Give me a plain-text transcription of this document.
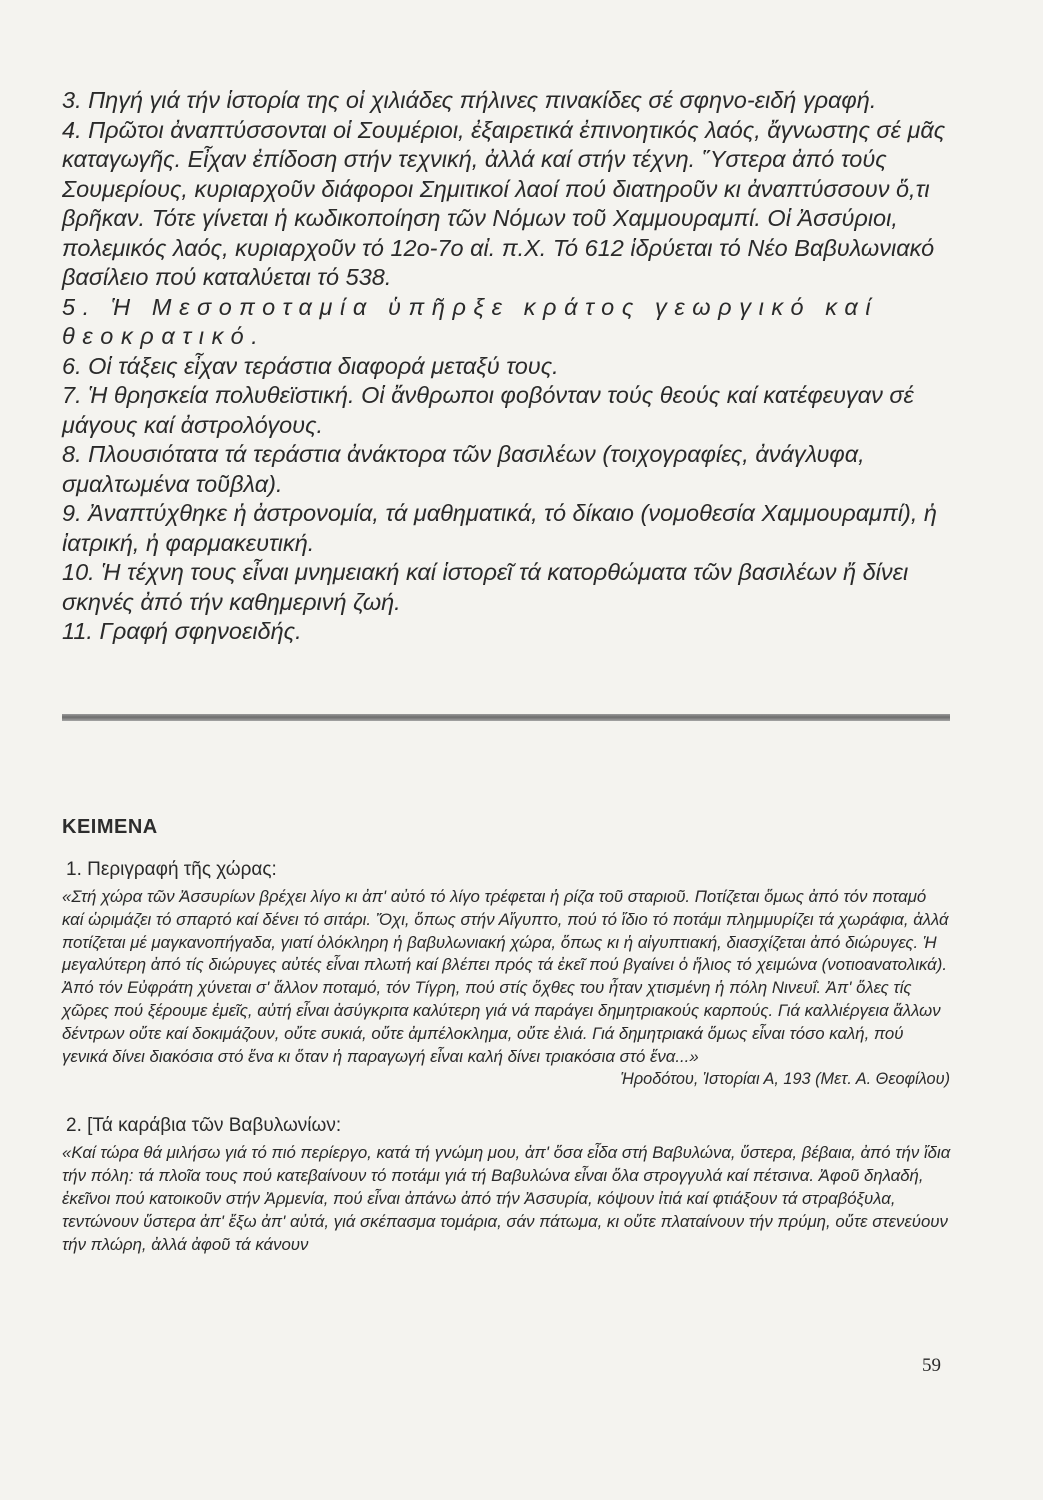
3. Πηγή γιά τήν ἱστορία της οἱ χιλιάδες πήλινες πινακίδες σέ σφηνο-ειδή γραφή.

4. Πρῶτοι ἀναπτύσσονται οἱ Σουμέριοι, ἐξαιρετικά ἐπινοητικός λαός, ἄγνωστης σέ μᾶς καταγωγῆς. Εἶχαν ἐπίδοση στήν τεχνική, ἀλλά καί στήν τέχνη. Ὕστερα ἀπό τούς Σουμερίους, κυριαρχοῦν διάφοροι Σημιτικοί λαοί πού διατηροῦν κι ἀναπτύσσουν ὅ,τι βρῆκαν. Τότε γίνεται ἡ κωδικοποίηση τῶν Νόμων τοῦ Χαμμουραμπί. Οἱ Ἀσσύριοι, πολεμικός λαός, κυριαρχοῦν τό 12ο-7ο αἰ. π.Χ. Τό 612 ἱδρύεται τό Νέο Βαβυλωνιακό βασίλειο πού καταλύεται τό 538.

5. Ἡ Μεσοποταμία ὑπῆρξε κράτος γεωργικό καί θεοκρατικό.

6. Οἱ τάξεις εἶχαν τεράστια διαφορά μεταξύ τους.

7. Ἡ θρησκεία πολυθεϊστική. Οἱ ἄνθρωποι φοβόνταν τούς θεούς καί κατέφευγαν σέ μάγους καί ἀστρολόγους.

8. Πλουσιότατα τά τεράστια ἀνάκτορα τῶν βασιλέων (τοιχογραφίες, ἀνάγλυφα, σμαλτωμένα τοῦβλα).

9. Ἀναπτύχθηκε ἡ ἀστρονομία, τά μαθηματικά, τό δίκαιο (νομοθεσία Χαμμουραμπί), ἡ ἰατρική, ἡ φαρμακευτική.

10. Ἡ τέχνη τους εἶναι μνημειακή καί ἱστορεῖ τά κατορθώματα τῶν βασιλέων ἤ δίνει σκηνές ἀπό τήν καθημερινή ζωή.

11. Γραφή σφηνοειδής.

ΚΕΙΜΕΝΑ

1. Περιγραφή τῆς χώρας:

«Στή χώρα τῶν Ἀσσυρίων βρέχει λίγο κι ἀπ' αὐτό τό λίγο τρέφεται ἡ ρίζα τοῦ σταριοῦ. Ποτίζεται ὅμως ἀπό τόν ποταμό καί ὡριμάζει τό σπαρτό καί δένει τό σιτάρι. Ὄχι, ὅπως στήν Αἴγυπτο, πού τό ἴδιο τό ποτάμι πλημμυρίζει τά χωράφια, ἀλλά ποτίζεται μέ μαγκανοπήγαδα, γιατί ὁλόκληρη ἡ βαβυλωνιακή χώρα, ὅπως κι ἡ αἰγυπτιακή, διασχίζεται ἀπό διώρυγες. Ἡ μεγαλύτερη ἀπό τίς διώρυγες αὐτές εἶναι πλωτή καί βλέπει πρός τά ἐκεῖ πού βγαίνει ὁ ἥλιος τό χειμώνα (νοτιοανατολικά). Ἀπό τόν Εὐφράτη χύνεται σ' ἄλλον ποταμό, τόν Τίγρη, πού στίς ὄχθες του ἦταν χτισμένη ἡ πόλη Νινευΐ. Ἀπ' ὅλες τίς χῶρες πού ξέρουμε ἐμεῖς, αὐτή εἶναι ἀσύγκριτα καλύτερη γιά νά παράγει δημητριακούς καρπούς. Γιά καλλιέργεια ἄλλων δέντρων οὔτε καί δοκιμάζουν, οὔτε συκιά, οὔτε ἀμπέλοκλημα, οὔτε ἐλιά. Γιά δημητριακά ὅμως εἶναι τόσο καλή, πού γενικά δίνει διακόσια στό ἕνα κι ὅταν ἡ παραγωγή εἶναι καλή δίνει τριακόσια στό ἕνα...»

Ἡροδότου, Ἱστορίαι Α, 193 (Μετ. Α. Θεοφίλου)

2. [Τά καράβια τῶν Βαβυλωνίων:

«Καί τώρα θά μιλήσω γιά τό πιό περίεργο, κατά τή γνώμη μου, ἀπ' ὅσα εἶδα στή Βαβυλώνα, ὕστερα, βέβαια, ἀπό τήν ἴδια τήν πόλη: τά πλοῖα τους πού κατεβαίνουν τό ποτάμι γιά τή Βαβυλώνα εἶναι ὅλα στρογγυλά καί πέτσινα. Ἀφοῦ δηλαδή, ἐκεῖνοι πού κατοικοῦν στήν Ἀρμενία, πού εἶναι ἀπάνω ἀπό τήν Ἀσσυρία, κόψουν ἰτιά καί φτιάξουν τά στραβόξυλα, τεντώνουν ὕστερα ἀπ' ἔξω ἀπ' αὐτά, γιά σκέπασμα τομάρια, σάν πάτωμα, κι οὔτε πλαταίνουν τήν πρύμη, οὔτε στενεύουν τήν πλώρη, ἀλλά ἀφοῦ τά κάνουν

59
